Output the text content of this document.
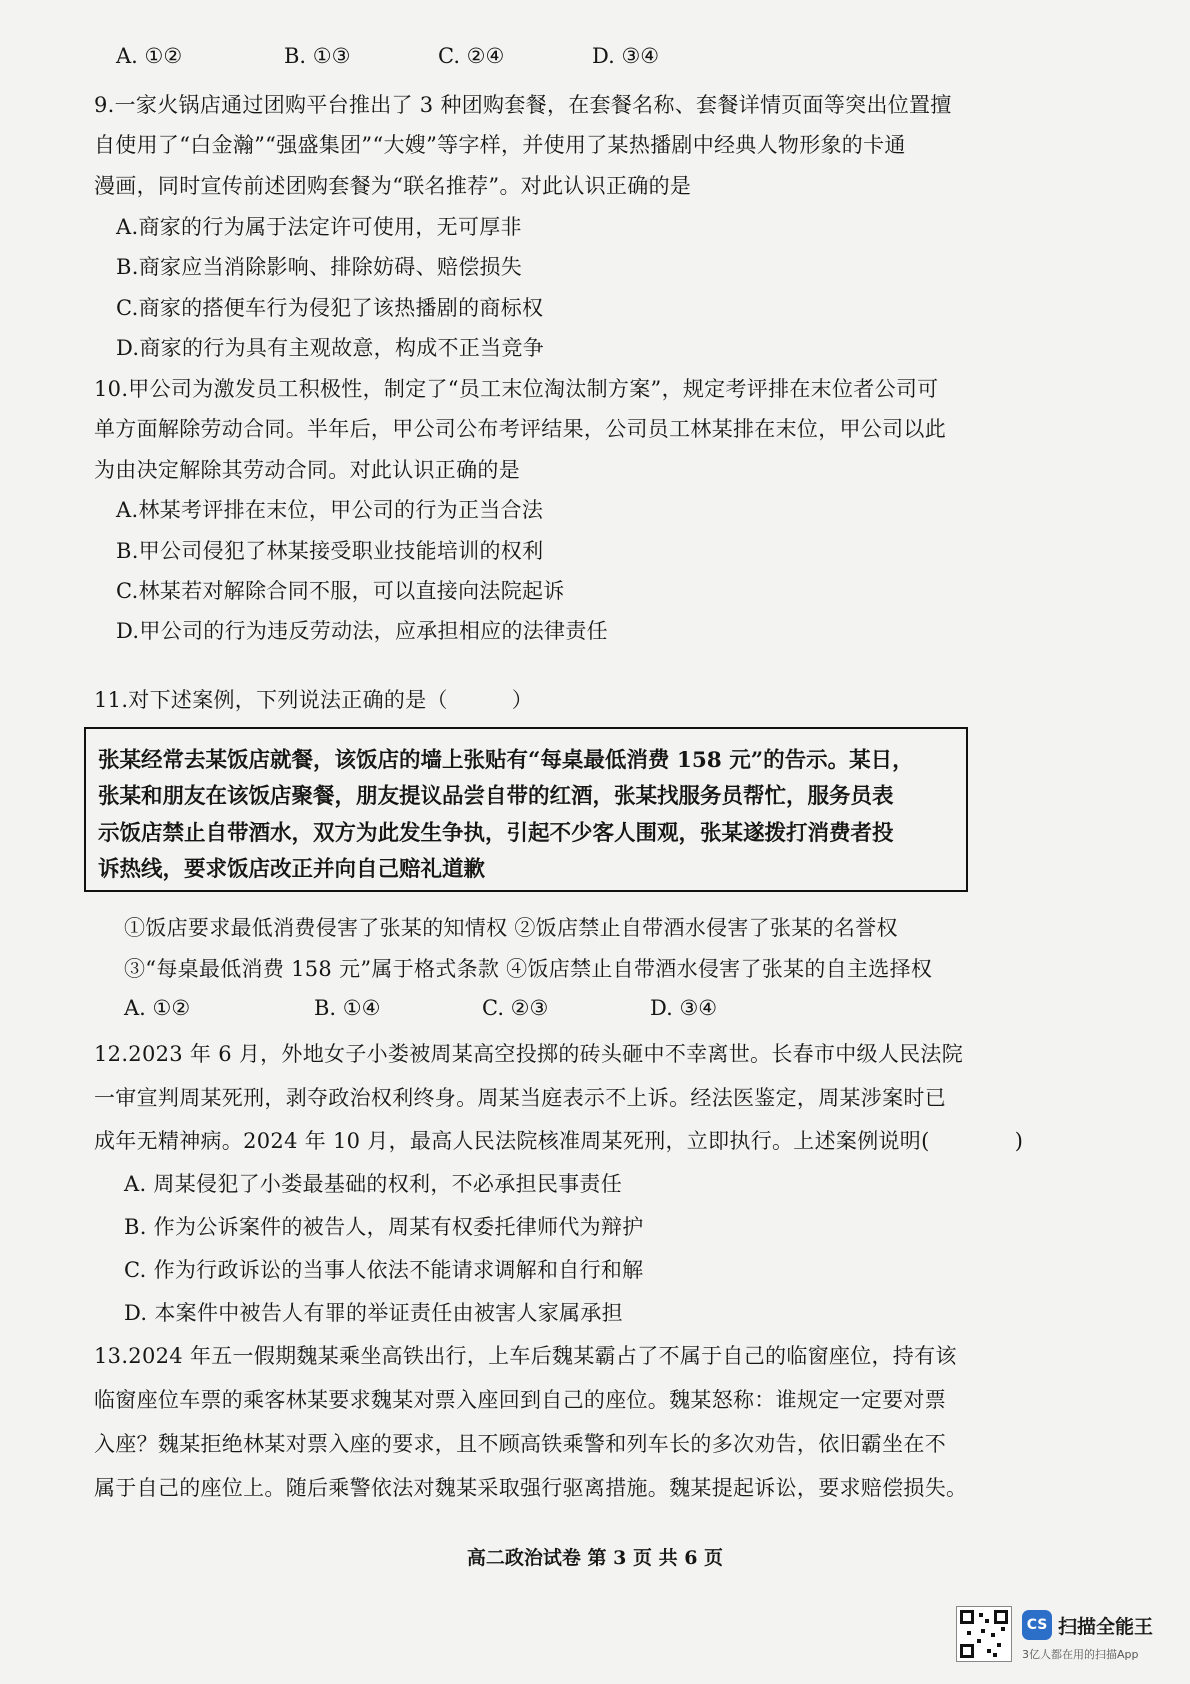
A 　　　　　　　　　　
A. ①②	B. ①③	C. ②④	D. ③④
9.一家火锅店通过团购平台推出了 3 种团购套餐，在套餐名称、套餐详情页面等突出位置擅
自使用了“白金瀚”“强盛集团”“大嫂”等字样，并使用了某热播剧中经典人物形象的卡通
漫画，同时宣传前述团购套餐为“联名推荐”。对此认识正确的是
A.商家的行为属于法定许可使用，无可厚非
B.商家应当消除影响、排除妨碍、赔偿损失
C.商家的搭便车行为侵犯了该热播剧的商标权
D.商家的行为具有主观故意，构成不正当竞争
10.甲公司为激发员工积极性，制定了“员工末位淘汰制方案”，规定考评排在末位者公司可
单方面解除劳动合同。半年后，甲公司公布考评结果，公司员工林某排在末位，甲公司以此
为由决定解除其劳动合同。对此认识正确的是
A.林某考评排在末位，甲公司的行为正当合法
B.甲公司侵犯了林某接受职业技能培训的权利
C.林某若对解除合同不服，可以直接向法院起诉
D.甲公司的行为违反劳动法，应承担相应的法律责任
11.对下述案例，下列说法正确的是（　　　）
张某经常去某饭店就餐，该饭店的墙上张贴有“每桌最低消费 158 元”的告示。某日，
张某和朋友在该饭店聚餐，朋友提议品尝自带的红酒，张某找服务员帮忙，服务员表
示饭店禁止自带酒水，双方为此发生争执，引起不少客人围观，张某遂拨打消费者投
诉热线，要求饭店改正并向自己赔礼道歉
①饭店要求最低消费侵害了张某的知情权 ②饭店禁止自带酒水侵害了张某的名誉权
③“每桌最低消费 158 元”属于格式条款 ④饭店禁止自带酒水侵害了张某的自主选择权
A. ①②	B. ①④	C. ②③	D. ③④
12.2023 年 6 月，外地女子小娄被周某高空投掷的砖头砸中不幸离世。长春市中级人民法院
一审宣判周某死刑，剥夺政治权利终身。周某当庭表示不上诉。经法医鉴定，周某涉案时已
成年无精神病。2024 年 10 月，最高人民法院核准周某死刑，立即执行。上述案例说明(　　　　)
A. 周某侵犯了小娄最基础的权利，不必承担民事责任
B. 作为公诉案件的被告人，周某有权委托律师代为辩护
C. 作为行政诉讼的当事人依法不能请求调解和自行和解
D. 本案件中被告人有罪的举证责任由被害人家属承担
13.2024 年五一假期魏某乘坐高铁出行，上车后魏某霸占了不属于自己的临窗座位，持有该
临窗座位车票的乘客林某要求魏某对票入座回到自己的座位。魏某怒称：谁规定一定要对票
入座？魏某拒绝林某对票入座的要求，且不顾高铁乘警和列车长的多次劝告，依旧霸坐在不
属于自己的座位上。随后乘警依法对魏某采取强行驱离措施。魏某提起诉讼，要求赔偿损失。
高二政治试卷 第 3 页 共 6 页
CS 扫描全能王
3亿人都在用的扫描App
